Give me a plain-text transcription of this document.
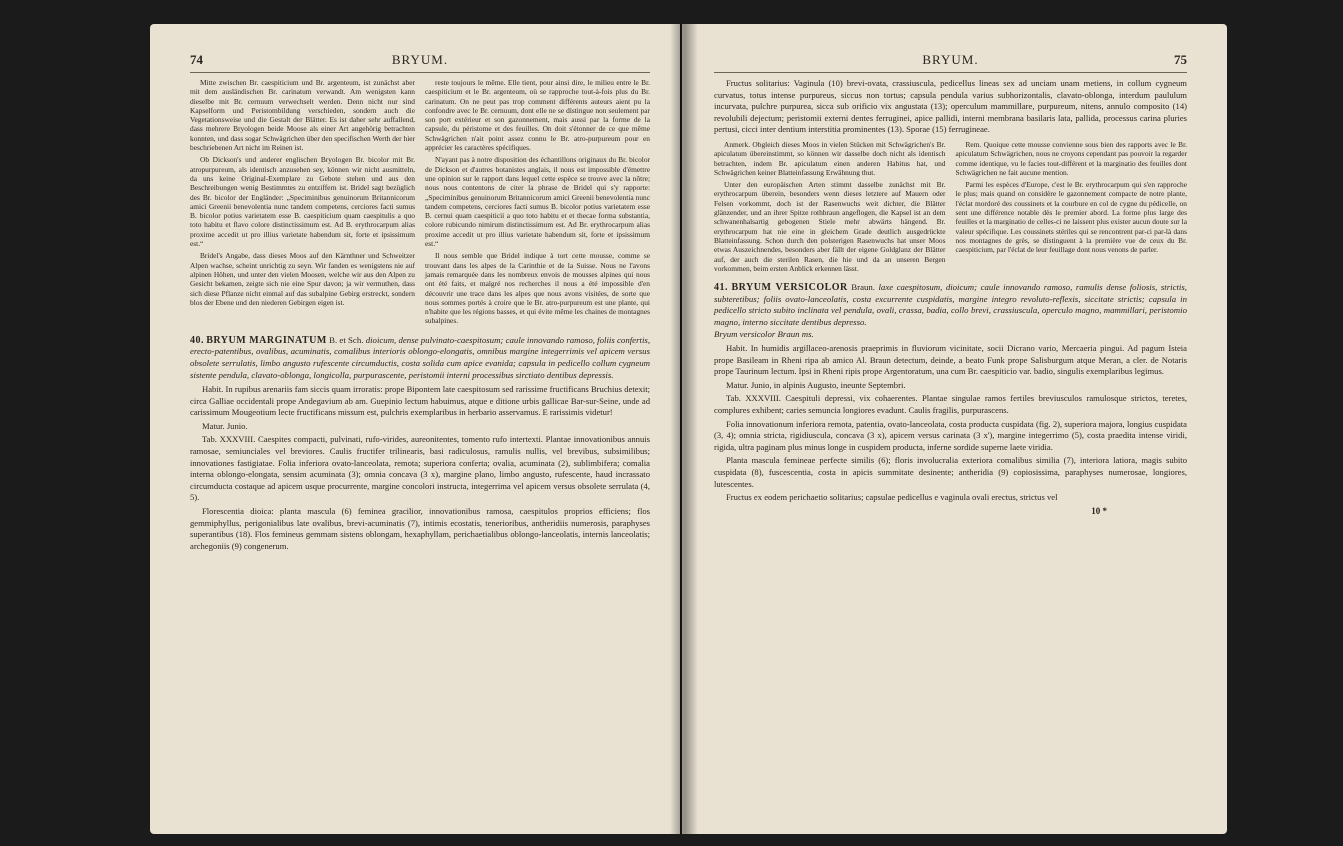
74	BRYUM.

Mitte zwischen Br. caespiticium und Br. argenteum, ist zunächst aber mit dem ausländischen Br. carinatum verwandt. Am wenigsten kann dieselbe mit Br. cernuum verwechselt werden. Denn nicht nur sind Kapselform und Peristombildung verschieden, sondern auch die Vegetationsweise und die Gestalt der Blätter. Es ist daher sehr auffallend, dass mehrere Bryologen beide Moose als einer Art angehörig betrachten konnten, und dass sogar Schwägrichen über den specifischen Werth der hier beschriebenen Art nicht im Reinen ist.

Ob Dickson's und anderer englischen Bryologen Br. bicolor mit Br. atropurpureum, als identisch anzusehen sey, können wir nicht ausmitteln, da uns keine Original-Exemplare zu Gebote stehen und aus den Beschreibungen wenig Bestimmtes zu entziffern ist. Bridel sagt bezüglich des Br. bicolor der Engländer: „Speciminibus genuinorum Britannicorum amici Greenii benevolentia nunc tandem competens, cerciores facti sumus B. bicolor potius varietatem esse B. caespiticium quam caespitulis a quo toto habitu et flavo colore distinctissimum est. Ad B. erythrocarpum alias proxime accedit ut pro illius varietate habendum sit, forte et ipsissimum est.“

Bridel's Angabe, dass dieses Moos auf den Kärnthner und Schweitzer Alpen wachse, scheint unrichtig zu seyn. Wir fanden es wenigstens nie auf alpinen Höhen, und unter den vielen Moosen, welche wir aus den Alpen zu Gesicht bekamen, zeigte sich nie eine Spur davon; ja wir vermuthen, dass sich diese Pflanze nicht einmal auf das subalpine Gebirg erstreckt, sondern blos der Ebene und den niederen Gebirgen eigen ist.

reste toujours le même. Elle tient, pour ainsi dire, le milieu entre le Br. caespiticium et le Br. argenteum, où se rapproche tout-à-fois plus du Br. carinatum. On ne peut pas trop comment différents auteurs aient pu la confondre avec le Br. cernuum, dont elle ne se distingue non seulement par son port extérieur et son gazonnement, mais aussi par la forme de la capsule, du péristome et des feuilles. On doit s'étonner de ce que même Schwägrichen n'ait point assez connu le Br. atro-purpureum pour en apprécier les caractères spécifiques.

N'ayant pas à notre disposition des échantillons originaux du Br. bicolor de Dickson et d'autres botanistes anglais, il nous est impossible d'émettre une opinion sur le rapport dans lequel cette espèce se trouve avec la nôtre; nous nous contentons de citer la phrase de Bridel qui s'y rapporte: „Speciminibus genuinorum Britannicorum amici Greenii benevolentia nunc tandem competens, cerciores facti sumus B. bicolor potius varietatem esse B. cernui quam caespiticii a quo toto habitu et et thecae forma substantia, colore rubicundo nimirum distinctissimum est. Ad Br. erythrocarpum alias proxime accedit ut pro illius varietate habendum sit, forte et ipsissimum est.“

Il nous semble que Bridel indique à tort cette mousse, comme se trouvant dans les alpes de la Carinthie et de la Suisse. Nous ne l'avons jamais remarquée dans les nombreux envois de mousses alpines qui nous ont été faits, et malgré nos recherches il nous a été impossible d'en découvrir une trace dans les alpes que nous avons visitées, de sorte que nous sommes portés à croire que le Br. atro-purpureum est une plante, qui n'habite que les régions basses, et qui évite même les chaines de montagnes subalpines.

40. BRYUM MARGINATUM B. et Sch. dioicum, dense pulvinato-caespitosum; caule innovando ramoso, foliis confertis, erecto-patentibus, ovalibus, acuminatis, comalibus interioris oblongo-elongatis, omnibus margine integerrimis vel apicem versus obsolete serrulatis, limbo angusto rufescente circumductis, costa solida cum apice evanida; capsula in pedicello collum cygneum sistente pendula, clavato-oblonga, longicolla, purpurascente, peristomii interni processibus sirctiato dentibus depressis.

Habit. In rupibus arenariis fam siccis quam irroratis: prope Bipontem late caespitosum sed rarissime fructificans Bruchius detexit; circa Galliae occidentali prope Andegavium ab am. Guepinio lectum habuimus, atque e ditione urbis gallicae Bar-sur-Seine, unde ad carissimum Mougeotium lecte fructificans missum est, pulchris exemplaribus in herbario asservamus. E rarissimis videtur!

Matur. Junio.

Tab. XXXVIII. Caespites compacti, pulvinati, rufo-virides, aureonitentes, tomento rufo intertexti. Plantae innovationibus annuis ramosae, semiunciales vel breviores. Caulis fructifer trilinearis, basi radiculosus, ramulis nullis, vel brevibus, subsimilibus; innovationes fastigiatae. Folia inferiora ovato-lanceolata, remota; superiora conferta; ovalia, acuminata (2), sublimbifera; comalia interna oblongo-elongata, sensim acuminata (3); omnia concava (3 x), margine plano, limbo angusto, rufescente, haud incrassato circumducta costaque ad apicem usque procurrente, margine concolori instructa, integerrima vel apicem versus obsolete serrulata (4, 5).

Florescentia dioica: planta mascula (6) feminea gracilior, innovationibus ramosa, caespitulos proprios efficiens; flos gemmiphyllus, perigonialibus late ovalibus, brevi-acuminatis (7), intimis ecostatis, tenerioribus, antheridiis numerosis, paraphyses superantibus (18). Flos femineus gemmam sistens oblongam, hexaphyllam, perichaetialibus oblongo-lanceolatis, internis lanceolatis; archegoniis (9) congenerum.

BRYUM.	75

Fructus solitarius: Vaginula (10) brevi-ovata, crassiuscula, pedicellus lineas sex ad unciam unam metiens, in collum cygneum curvatus, totus intense purpureus, siccus non tortus; capsula pendula varius subhorizontalis, clavato-oblonga, interdum paululum incurvata, pulchre purpurea, sicca sub orificio vix angustata (13); operculum mammillare, purpureum, nitens, annulo composito (14) revolubili dejectum; peristomii externi dentes ferruginei, apice pallidi, interni membrana basilaris lata, pallida, processus carina pluries pertusi, cicci inter dentium interstitia prominentes (13). Sporae (15) ferrugineae.

Anmerk. Obgleich dieses Moos in vielen Stücken mit Schwägrichen's Br. apiculatum übereinstimmt, so können wir dasselbe doch nicht als identisch betrachten, indem Br. apiculatum einen anderen Habitus hat, und Schwägrichen keiner Blatteinfassung Erwähnung thut.

Unter den europäischen Arten stimmt dasselbe zunächst mit Br. erythrocarpum überein, besonders wenn dieses letztere auf Mauern oder Felsen vorkommt, doch ist der Rasenwuchs weit dichter, die Blätter glänzender, und an ihrer Spitze rothbraun angeflogen, die Kapsel ist an dem schwanenhalsartig gebogenen Stiele mehr abwärts hängend. Br. erythrocarpum hat nie eine in gleichem Grade deutlich ausgedrückte Blatteinfassung. Schon durch den polsterigen Rasenwuchs hat unser Moos etwas Auszeichnendes, besonders aber fällt der eigene Goldglanz der Blätter auf, der auch die sterilen Rasen, die hie und da an unseren Bergen vorkommen, beim ersten Anblick erkennen lässt.

Rem. Quoique cette mousse convienne sous bien des rapports avec le Br. apiculatum Schwägrichen, nous ne croyons cependant pas pouvoir la regarder comme identique, vu le facies tout-différent et la marginatio des feuilles dont Schwägrichen ne fait aucune mention.

Parmi les espèces d'Europe, c'est le Br. erythrocarpum qui s'en rapproche le plus; mais quand on considère le gazonnement compacte de notre plante, l'éclat mordoré des coussinets et la courbure en col de cygne du pédicelle, on sent une différence notable dès le premier abord. La forme plus large des feuilles et la marginatio de celles-ci ne laissent plus exister aucun doute sur la valeur spécifique. Les coussinets stériles qui se rencontrent par-ci par-là dans nos montagnes de grès, se distinguent à la première vue de ceux du Br. caespiticium, par l'éclat de leur feuillage dont nous venons de parler.

41. BRYUM VERSICOLOR Braun. laxe caespitosum, dioicum; caule innovando ramoso, ramulis dense foliosis, strictis, subteretibus; foliis ovato-lanceolatis, costa excurrente cuspidatis, margine integro revoluto-reflexis, siccitate strictis; capsula in pedicello stricto subito inclinata vel pendula, ovali, crassa, badia, collo brevi, crassiuscula, operculo magno, mammillari, peristomio magno, interno siccitate dentibus depresso.
Bryum versicolor Braun ms.

Habit. In humidis argillaceo-arenosis praeprimis in fluviorum vicinitate, socii Dicrano vario, Mercaeria pingui. Ad pagum Isteia prope Basileam in Rheni ripa ab amico Al. Braun detectum, deinde, a beato Funk prope Salisburgum atque Meran, a cler. de Notaris prope Taurinum lectum. Ipsi in Rheni ripis prope Argentoratum, una cum Br. caespiticio var. badio, singulis exemplaribus legimus.

Matur. Junio, in alpinis Augusto, ineunte Septembri.

Tab. XXXVIII. Caespituli depressi, vix cohaerentes. Plantae singulae ramos fertiles breviusculos ramulosque strictos, teretes, complures exhibent; caries semuncia longiores evadunt. Caulis fragilis, purpurascens.

Folia innovationum inferiora remota, patentia, ovato-lanceolata, costa producta cuspidata (fig. 2), superiora majora, longius cuspidata (3, 4); omnia stricta, rigidiuscula, concava (3 x), apicem versus carinata (3 x'), margine integerrimo (5), costa praedita intense viridi, rigida, ultra paginam plus minus longe in cuspidem producta, inferne sordide superne laete viridia.

Planta mascula femineae perfecte similis (6); floris involucralia exteriora comalibus similia (7), interiora latiora, magis subito cuspidata (8), fuscescentia, costa in apicis summitate desinente; antheridia (9) copiosissima, paraphyses numerosae, longiores, lutescentes.

Fructus ex eodem perichaetio solitarius; capsulae pedicellus e vaginula ovali erectus, strictus vel

10 *
